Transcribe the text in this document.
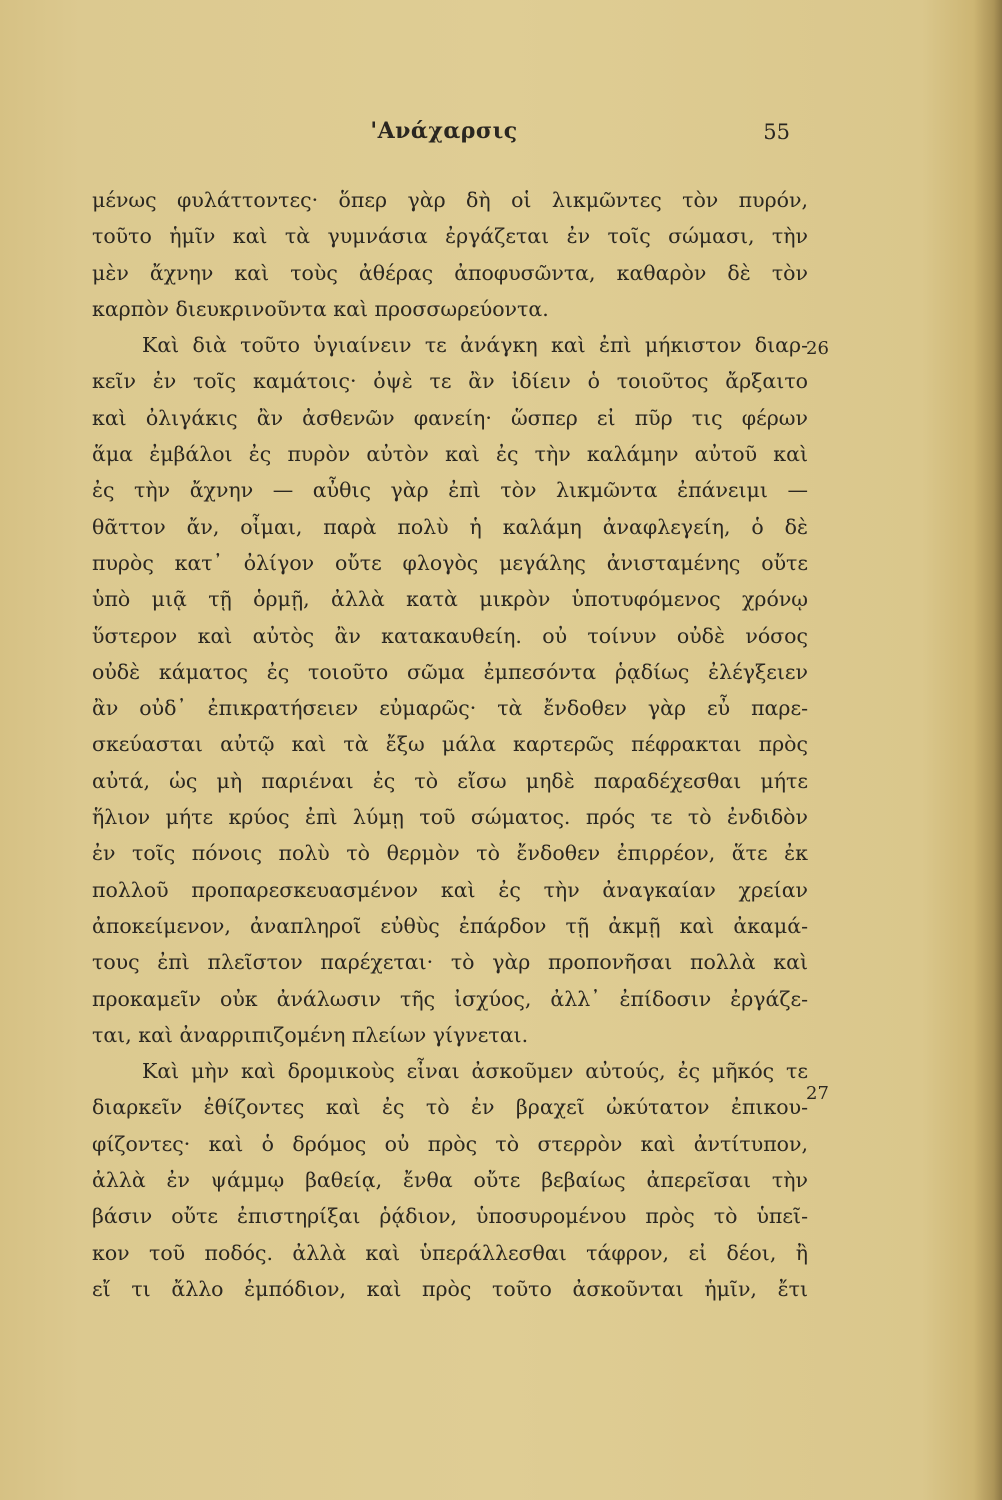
'Ανάχαρσις	55
μένως φυλάττοντες· ὅπερ γὰρ δὴ οἱ λικμῶντες τὸν πυρόν,
τοῦτο ἡμῖν καὶ τὰ γυμνάσια ἐργάζεται ἐν τοῖς σώμασι, τὴν
μὲν ἄχνην καὶ τοὺς ἀθέρας ἀποφυσῶντα, καθαρὸν δὲ τὸν
καρπὸν διευκρινοῦντα καὶ προσσωρεύοντα.
Καὶ διὰ τοῦτο ὑγιαίνειν τε ἀνάγκη καὶ ἐπὶ μήκιστον διαρ-
κεῖν ἐν τοῖς καμάτοις· ὀψὲ τε ἂν ἰδίειν ὁ τοιοῦτος ἄρξαιτο
καὶ ὀλιγάκις ἂν ἀσθενῶν φανείη· ὥσπερ εἰ πῦρ τις φέρων
ἅμα ἐμβάλοι ἐς πυρὸν αὐτὸν καὶ ἐς τὴν καλάμην αὐτοῦ καὶ
ἐς τὴν ἄχνην — αὖθις γὰρ ἐπὶ τὸν λικμῶντα ἐπάνειμι —
θᾶττον ἄν, οἶμαι, παρὰ πολὺ ἡ καλάμη ἀναφλεγείη, ὁ δὲ
πυρὸς κατ᾽ ὀλίγον οὔτε φλογὸς μεγάλης ἀνισταμένης οὔτε
ὑπὸ μιᾷ τῇ ὁρμῇ, ἀλλὰ κατὰ μικρὸν ὑποτυφόμενος χρόνῳ
ὕστερον καὶ αὐτὸς ἂν κατακαυθείη. οὐ τοίνυν οὐδὲ νόσος
οὐδὲ κάματος ἐς τοιοῦτο σῶμα ἐμπεσόντα ῥᾳδίως ἐλέγξειεν
ἂν οὐδ᾽ ἐπικρατήσειεν εὐμαρῶς· τὰ ἔνδοθεν γὰρ εὖ παρε-
σκεύασται αὐτῷ καὶ τὰ ἔξω μάλα καρτερῶς πέφρακται πρὸς
αὐτά, ὡς μὴ παριέναι ἐς τὸ εἴσω μηδὲ παραδέχεσθαι μήτε
ἥλιον μήτε κρύος ἐπὶ λύμῃ τοῦ σώματος. πρός τε τὸ ἐνδιδὸν
ἐν τοῖς πόνοις πολὺ τὸ θερμὸν τὸ ἔνδοθεν ἐπιρρέον, ἅτε ἐκ
πολλοῦ προπαρεσκευασμένον καὶ ἐς τὴν ἀναγκαίαν χρείαν
ἀποκείμενον, ἀναπληροῖ εὐθὺς ἐπάρδον τῇ ἀκμῇ καὶ ἀκαμά-
τους ἐπὶ πλεῖστον παρέχεται· τὸ γὰρ προπονῆσαι πολλὰ καὶ
προκαμεῖν οὐκ ἀνάλωσιν τῆς ἰσχύος, ἀλλ᾽ ἐπίδοσιν ἐργάζε-
ται, καὶ ἀναρριπιζομένη πλείων γίγνεται.
Καὶ μὴν καὶ δρομικοὺς εἶναι ἀσκοῦμεν αὐτούς, ἐς μῆκός τε
διαρκεῖν ἐθίζοντες καὶ ἐς τὸ ἐν βραχεῖ ὠκύτατον ἐπικου-
φίζοντες· καὶ ὁ δρόμος οὐ πρὸς τὸ στερρὸν καὶ ἀντίτυπον,
ἀλλὰ ἐν ψάμμῳ βαθείᾳ, ἔνθα οὔτε βεβαίως ἀπερεῖσαι τὴν
βάσιν οὔτε ἐπιστηρίξαι ῥᾴδιον, ὑποσυρομένου πρὸς τὸ ὑπεῖ-
κον τοῦ ποδός. ἀλλὰ καὶ ὑπεράλλεσθαι τάφρον, εἰ δέοι, ἢ
εἴ τι ἄλλο ἐμπόδιον, καὶ πρὸς τοῦτο ἀσκοῦνται ἡμῖν, ἔτι
26
27
